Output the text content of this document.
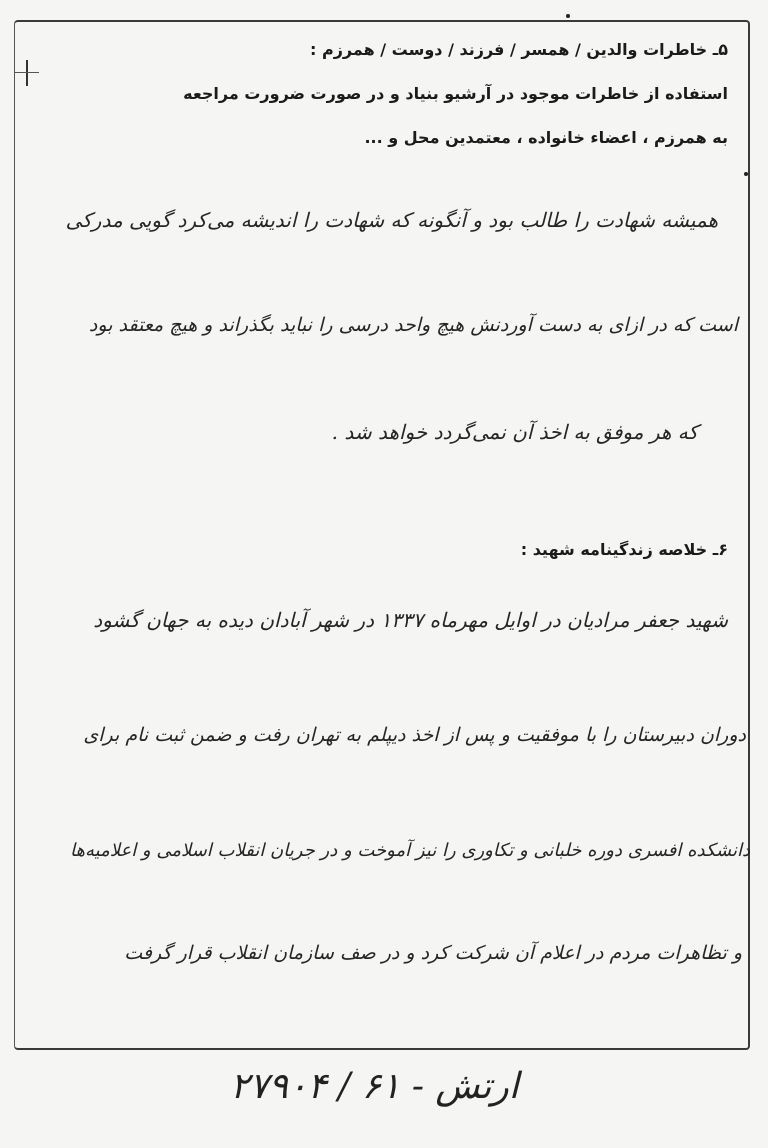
۵ـ خاطرات والدین / همسر / فرزند / دوست / همرزم :
استفاده از خاطرات موجود در آرشیو بنیاد و در صورت ضرورت مراجعه
به همرزم ، اعضاء خانواده ، معتمدین محل و ...
همیشه شهادت را طالب بود و آنگونه که شهادت را اندیشه می‌کرد گویی مدرکی
است که در ازای به دست آوردنش هیچ واحد درسی را نباید بگذراند و هیچ معتقد بود
که هر موفق به اخذ آن نمی‌گردد خواهد شد .
۶ـ خلاصه زندگینامه شهید :
شهید جعفر مرادیان در اوایل مهرماه ۱۳۳۷ در شهر آبادان دیده به جهان گشود
دوران دبیرستان را با موفقیت و پس از اخذ دیپلم به تهران رفت و ضمن ثبت نام برای
دانشکده افسری دوره خلبانی و تکاوری را نیز آموخت و در جریان انقلاب اسلامی و اعلامیه‌ها
و تظاهرات مردم در اعلام آن شرکت کرد و در صف سازمان انقلاب قرار گرفت
ارتش - ۶۱ / ۲۷۹۰۴
